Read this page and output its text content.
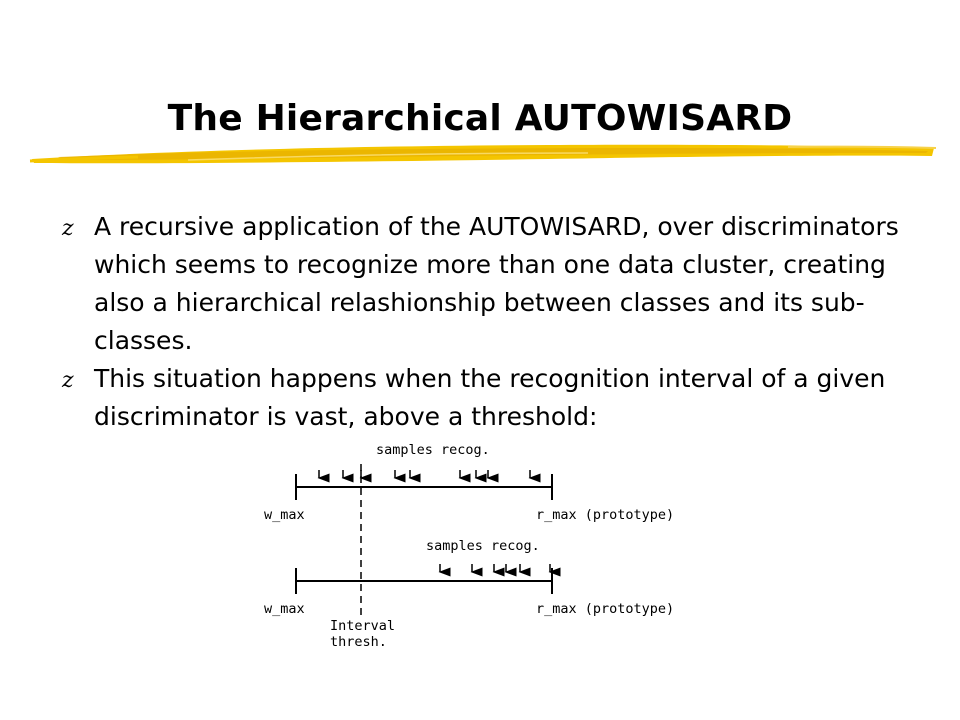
The Hierarchical AUTOWISARD
z A recursive application of the AUTOWISARD, over discriminators which seems to recognize more than one data cluster, creating also a hierarchical relashionship between classes and its sub-classes.
z This situation happens when the recognition interval of a given discriminator is vast, above a threshold:
samples recog.
w_max	r_max (prototype)
samples recog.
w_max	r_max (prototype)
Interval
thresh.
